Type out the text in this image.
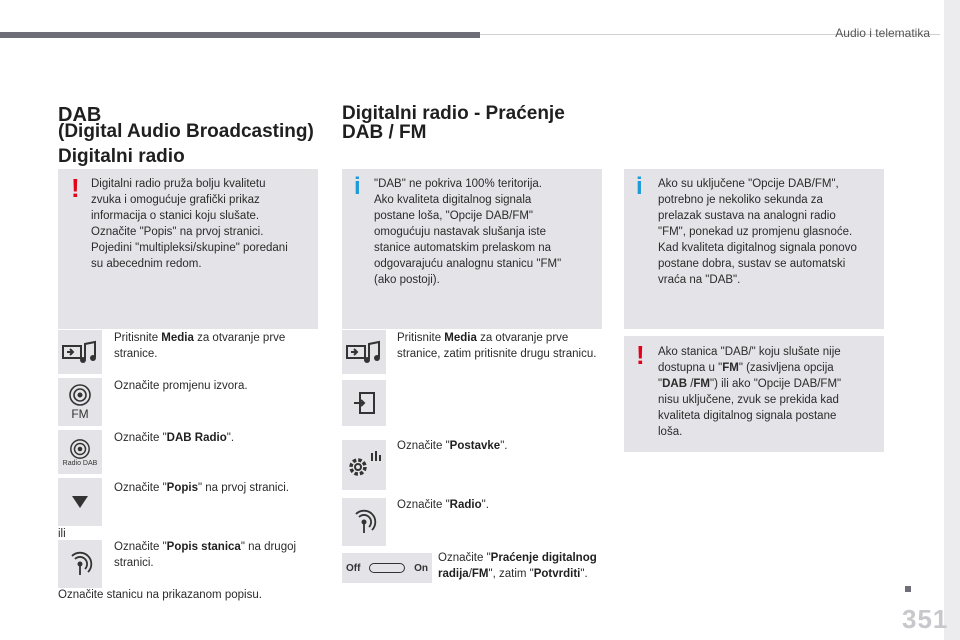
Audio i telematika
DAB
(Digital Audio Broadcasting)
Digitalni radio
! Digitalni radio pruža bolju kvalitetu

zvuka i omogućuje grafički prikaz

informacija o stanici koju slušate.

Označite "Popis" na prvoj stranici.

Pojedini "multipleksi/skupine" poredani

su abecednim redom.

Pritisnite Media za otvaranje prve stranice.
FM
Označite promjenu izvora.
Radio DAB
Označite "DAB Radio".
Označite "Popis" na prvoj stranici.
ili
Označite "Popis stanica" na drugoj stranici.
Označite stanicu na prikazanom popisu.
Digitalni radio - Praćenje
DAB / FM
i "DAB" ne pokriva 100% teritorija.

Ako kvaliteta digitalnog signala

postane loša, "Opcije DAB/FM"

omogućuju nastavak slušanja iste

stanice automatskim prelaskom na

odgovarajuću analognu stanicu "FM"

(ako postoji).

Pritisnite Media za otvaranje prve stranice, zatim pritisnite drugu stranicu.
Označite "Postavke".
Označite "Radio".
Off	On
Označite "Praćenje digitalnog radija/FM", zatim "Potvrditi".
i Ako su uključene "Opcije DAB/FM",

potrebno je nekoliko sekunda za

prelazak sustava na analogni radio

"FM", ponekad uz promjenu glasnoće.

Kad kvaliteta digitalnog signala ponovo

postane dobra, sustav se automatski

vraća na "DAB".

! Ako stanica "DAB/" koju slušate nije
dostupna u "FM" (zasivljena opcija
"DAB /FM") ili ako "Opcije DAB/FM"
nisu uključene, zvuk se prekida kad
kvaliteta digitalnog signala postane
loša.
351
